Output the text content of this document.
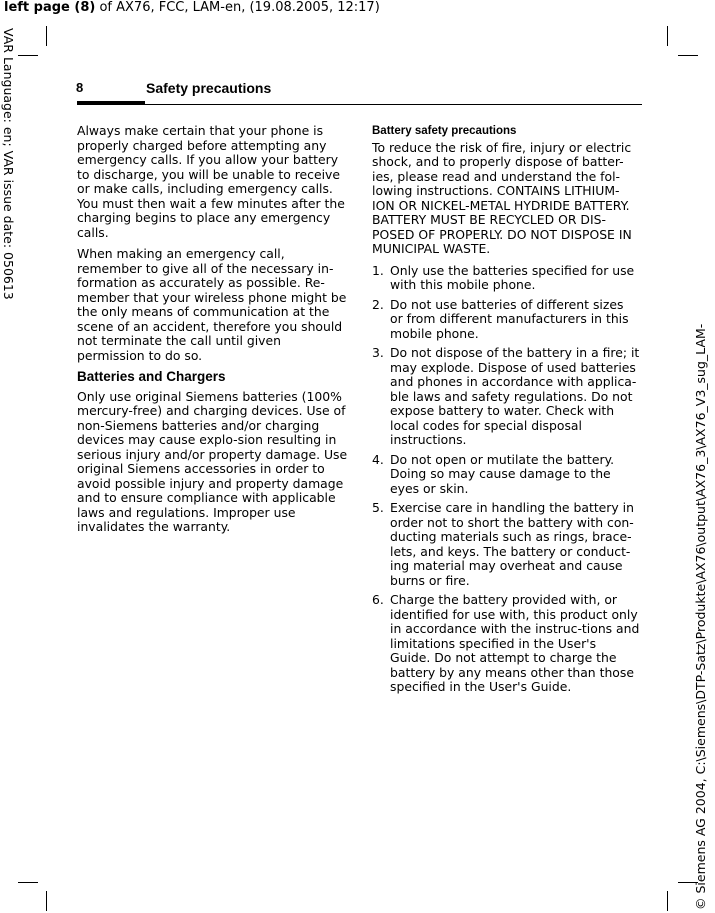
left page (8) of AX76, FCC, LAM-en, (19.08.2005, 12:17)
VAR Language: en; VAR issue date: 050613
© Siemens AG 2004, C:\Siemens\DTP-Satz\Produkte\AX76\output\AX76_3\AX76_V3_sug_LAM-
8	Safety precautions

Always make certain that your phone is properly charged before attempting any emergency calls. If you allow your battery to discharge, you will be unable to receive or make calls, including emergency calls. You must then wait a few minutes after the charging begins to place any emergency calls.

When making an emergency call, remember to give all of the necessary in-formation as accurately as possible. Re-member that your wireless phone might be the only means of communication at the scene of an accident, therefore you should not terminate the call until given permission to do so.

Batteries and Chargers

Only use original Siemens batteries (100% mercury-free) and charging devices. Use of non-Siemens batteries and/or charging devices may cause explo-sion resulting in serious injury and/or property damage. Use original Siemens accessories in order to avoid possible injury and property damage and to ensure compliance with applicable laws and regulations. Improper use invalidates the warranty.

Battery safety precautions

To reduce the risk of fire, injury or electric shock, and to properly dispose of batter-ies, please read and understand the fol-lowing instructions. CONTAINS LITHIUM-ION OR NICKEL-METAL HYDRIDE BATTERY. BATTERY MUST BE RECYCLED OR DIS-POSED OF PROPERLY. DO NOT DISPOSE IN MUNICIPAL WASTE.

1. Only use the batteries specified for use with this mobile phone.
2. Do not use batteries of different sizes or from different manufacturers in this mobile phone.
3. Do not dispose of the battery in a fire; it may explode. Dispose of used batteries and phones in accordance with applica-ble laws and safety regulations. Do not expose battery to water. Check with local codes for special disposal instructions.
4. Do not open or mutilate the battery. Doing so may cause damage to the eyes or skin.
5. Exercise care in handling the battery in order not to short the battery with con-ducting materials such as rings, brace-lets, and keys. The battery or conduct-ing material may overheat and cause burns or fire.
6. Charge the battery provided with, or identified for use with, this product only in accordance with the instruc-tions and limitations specified in the User's Guide. Do not attempt to charge the battery by any means other than those specified in the User's Guide.
